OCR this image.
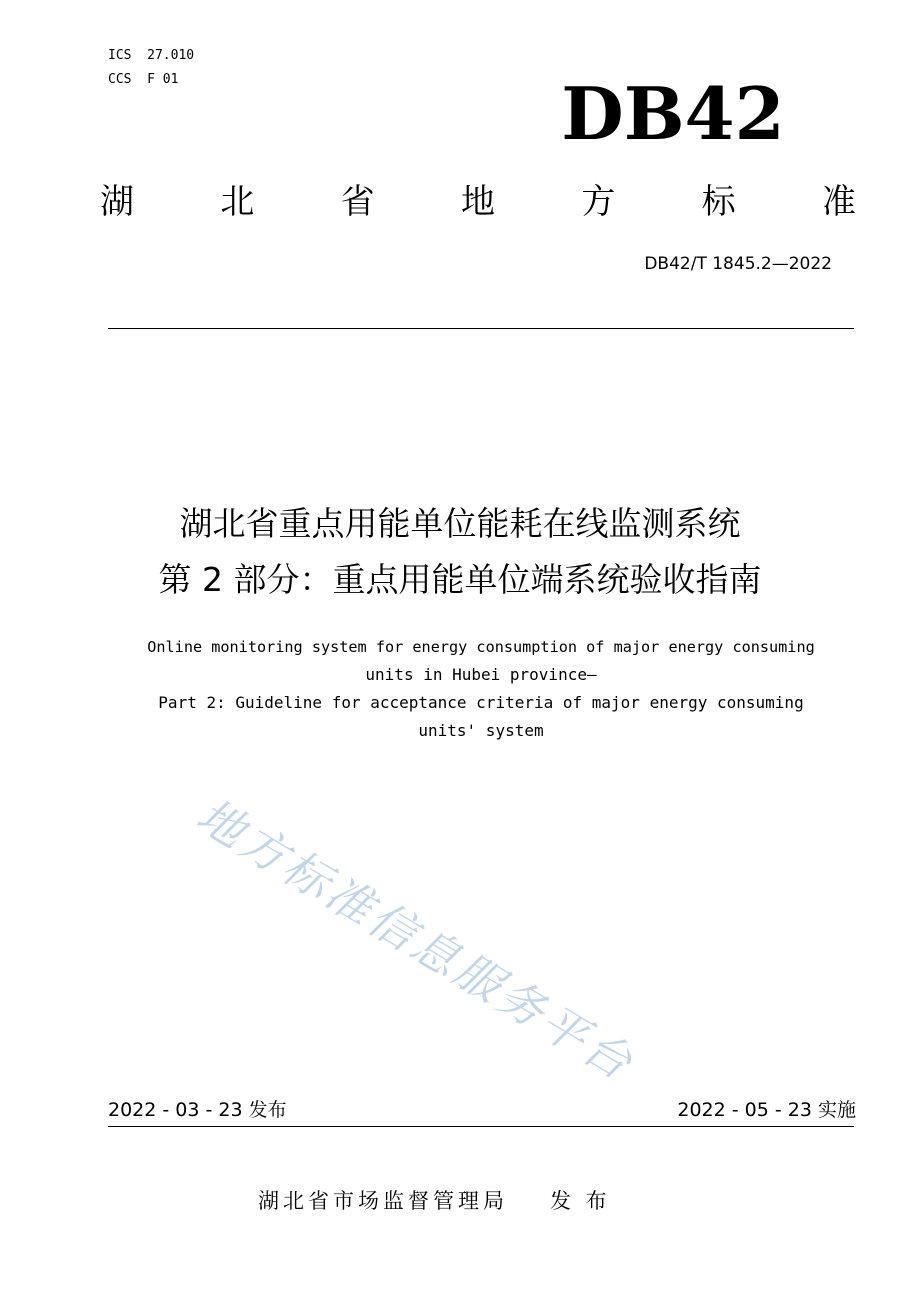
ICS  27.010
CCS  F 01	DB42
湖	北	省	地	方	标	准
DB42/T 1845.2—2022
湖北省重点用能单位能耗在线监测系统
第 2 部分：重点用能单位端系统验收指南
Online monitoring system for energy consumption of major energy consuming
units in Hubei province—
Part 2: Guideline for acceptance criteria of major energy consuming
units' system
地方标准信息服务平台
2022 - 03 - 23 发布	2022 - 05 - 23 实施
湖北省市场监督管理局 发 布
